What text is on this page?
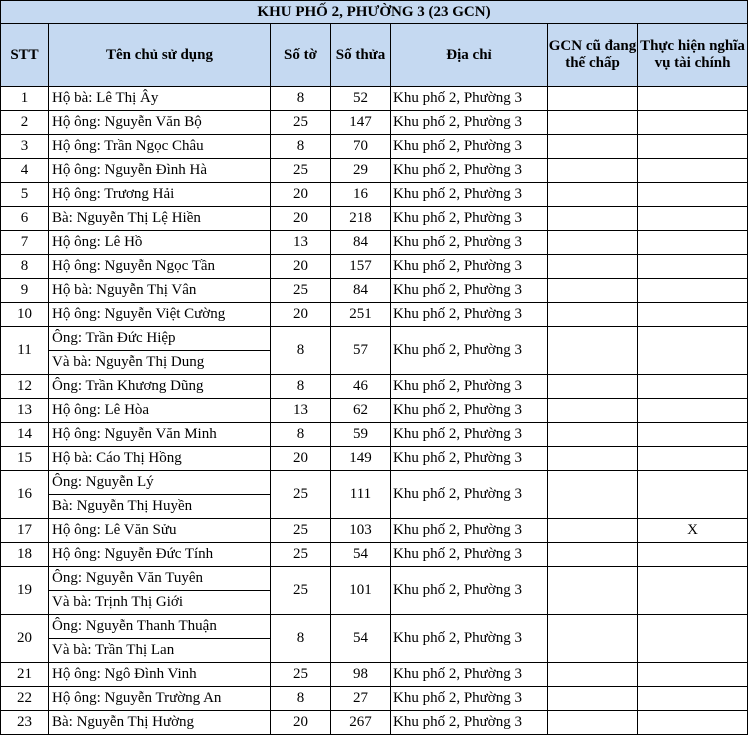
KHU PHỐ 2, PHƯỜNG 3 (23 GCN)						
STT	Tên chủ sử dụng	Số tờ	Số thửa	Địa chỉ	GCN cũ đang thế chấp	Thực hiện nghĩa vụ tài chính
1	Hộ bà: Lê Thị Ây	8	52	Khu phố 2, Phường 3		
2	Hộ ông: Nguyễn Văn Bộ	25	147	Khu phố 2, Phường 3		
3	Hộ ông: Trần Ngọc Châu	8	70	Khu phố 2, Phường 3		
4	Hộ ông: Nguyễn Đình Hà	25	29	Khu phố 2, Phường 3		
5	Hộ ông: Trương Hải	20	16	Khu phố 2, Phường 3		
6	Bà: Nguyễn Thị Lệ Hiền	20	218	Khu phố 2, Phường 3		
7	Hộ ông: Lê Hồ	13	84	Khu phố 2, Phường 3		
8	Hộ ông: Nguyễn Ngọc Tần	20	157	Khu phố 2, Phường 3		
9	Hộ bà: Nguyễn Thị Vân	25	84	Khu phố 2, Phường 3		
10	Hộ ông: Nguyễn Việt Cường	20	251	Khu phố 2, Phường 3		
11	Ông: Trần Đức Hiệp	8	57	Khu phố 2, Phường 3		
	Và bà: Nguyễn Thị Dung					
12	Ông: Trần Khương Dũng	8	46	Khu phố 2, Phường 3		
13	Hộ ông: Lê Hòa	13	62	Khu phố 2, Phường 3		
14	Hộ ông: Nguyễn Văn Minh	8	59	Khu phố 2, Phường 3		
15	Hộ bà: Cáo Thị Hồng	20	149	Khu phố 2, Phường 3		
16	Ông: Nguyễn Lý	25	111	Khu phố 2, Phường 3		
	Bà: Nguyễn Thị Huyền					
17	Hộ ông: Lê Văn Sửu	25	103	Khu phố 2, Phường 3		X
18	Hộ ông: Nguyễn Đức Tính	25	54	Khu phố 2, Phường 3		
19	Ông: Nguyễn Văn Tuyên	25	101	Khu phố 2, Phường 3		
	Và bà: Trịnh Thị Giới					
20	Ông: Nguyễn Thanh Thuận	8	54	Khu phố 2, Phường 3		
	Và bà: Trần Thị Lan					
21	Hộ ông: Ngô Đình Vinh	25	98	Khu phố 2, Phường 3		
22	Hộ ông: Nguyễn Trường An	8	27	Khu phố 2, Phường 3		
23	Bà: Nguyễn Thị Hường	20	267	Khu phố 2, Phường 3		
